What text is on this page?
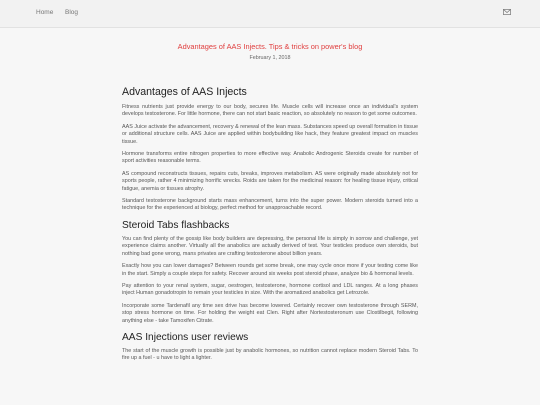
Home Blog
Advantages of AAS Injects. Tips & tricks on power's blog
February 1, 2018
Advantages of AAS Injects

Fitness nutrients just provide energy to our body, secures life. Muscle cells will increase once an individual's system develops testosterone. For little hormone, there can not start basic reaction, so absolutely no reason to get some outcomes.

AAS Juice activate the advancement, recovery & renewal of the lean mass. Substances speed up overall formation in tissue or additional structure cells. AAS Juice are applied within bodybuilding like hack, they feature greatest impact on muscles tissue.

Hormone transforms entire nitrogen properties to more effective way. Anabolic Androgenic Steroids create for number of sport activities reasonable terms.

AS compound reconstructs tissues, repairs cuts, breaks, improves metabolism. AS were originally made absolutely not for sports people, rather 4 minimizing horrific wrecks. Roids are taken for the medicinal reason: for healing tissue injury, critical fatigue, anemia or tissues atrophy.

Standard testosterone background starts mass enhancement, turns into the super power. Modern steroids turned into a technique for the experienced at biology, perfect method for unapproachable record.

Steroid Tabs flashbacks

You can find plenty of the gossip like body builders are depressing, the personal life is simply in sorrow and challenge, yet experience claims another. Virtually all the anabolics are actually derived of test. Your testicles produce own steroids, but nothing bad gone wrong, mans privates are crafting testosterone about billion years.

Exactly how you can lower damages? Between rounds get some break, one may cycle once more if your testing come like in the start. Simply a couple steps for safety. Recover around six weeks post steroid phase, analyze bio & hormonal levels.

Pay attention to your renal system, sugar, oestrogen, testosterone, hormone cortisol and LDL ranges. At a long phases inject Human gonadotropin to remain your testicles in size. With the aromatized anabolics get Letrozole.

Incorporate some Tardenafil any time sex drive has become lowered. Certainly recover own testosterone through SERM, stop stress hormone on time. For holding the weight eat Clen. Right after Nortestosteronum use Clostilbegit, following anything else - take Tamoxifen Citrate.

AAS Injections user reviews

The start of the muscle growth is possible just by anabolic hormones, so nutrition cannot replace modern Steroid Tabs. To fire up a fuel - u have to light a lighter.
